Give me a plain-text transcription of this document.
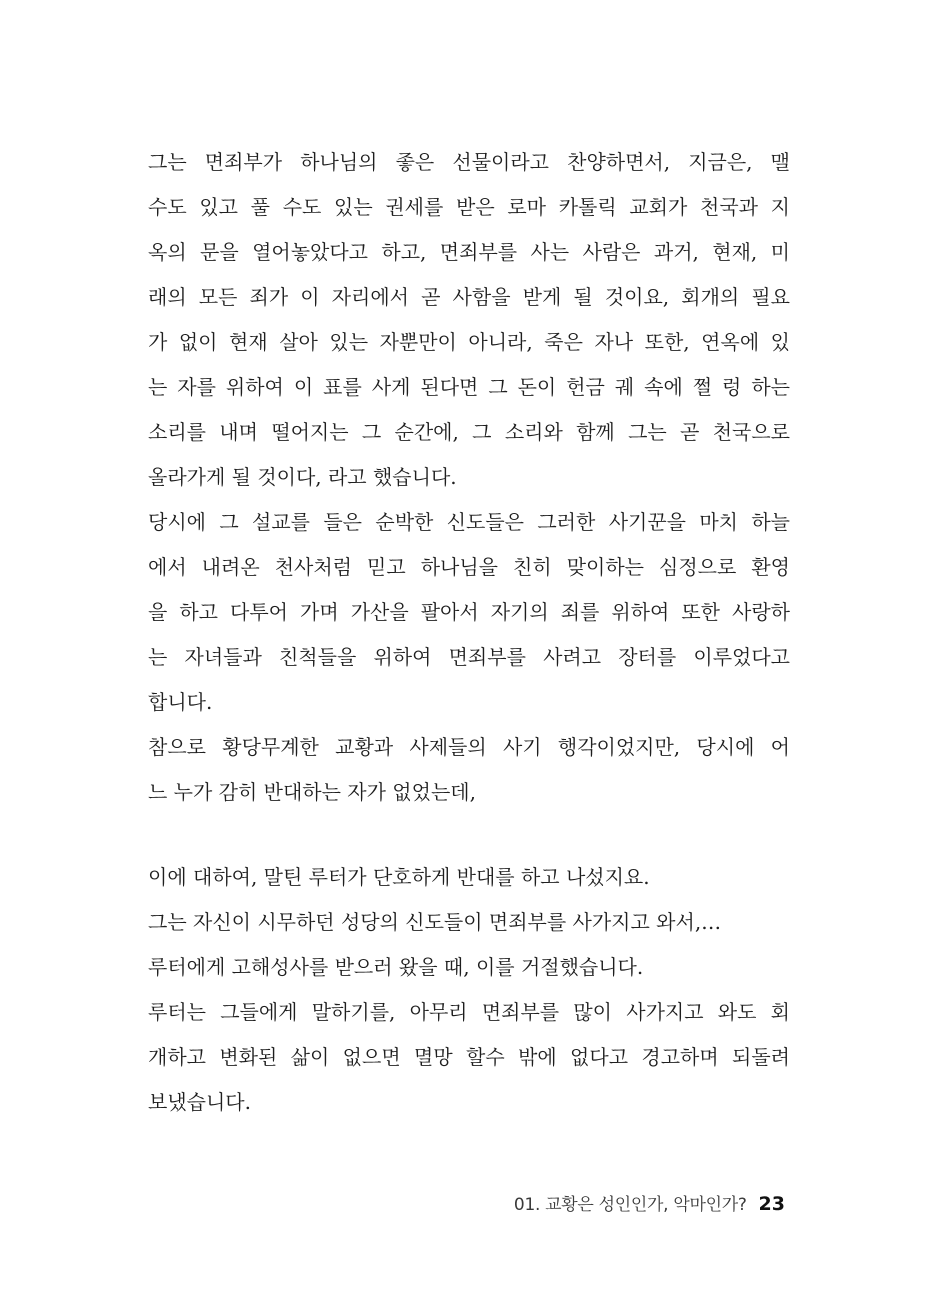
그는 면죄부가 하나님의 좋은 선물이라고 찬양하면서, 지금은, 맬
수도 있고 풀 수도 있는 권세를 받은 로마 카톨릭 교회가 천국과 지
옥의 문을 열어놓았다고 하고, 면죄부를 사는 사람은 과거, 현재, 미
래의 모든 죄가 이 자리에서 곧 사함을 받게 될 것이요, 회개의 필요
가 없이 현재 살아 있는 자뿐만이 아니라, 죽은 자나 또한, 연옥에 있
는 자를 위하여 이 표를 사게 된다면 그 돈이 헌금 궤 속에 쩔 렁 하는
소리를 내며 떨어지는 그 순간에, 그 소리와 함께 그는 곧 천국으로
올라가게 될 것이다, 라고 했습니다.
당시에 그 설교를 들은 순박한 신도들은 그러한 사기꾼을 마치 하늘
에서 내려온 천사처럼 믿고 하나님을 친히 맞이하는 심정으로 환영
을 하고 다투어 가며 가산을 팔아서 자기의 죄를 위하여 또한 사랑하
는 자녀들과 친척들을 위하여 면죄부를 사려고 장터를 이루었다고
합니다.
참으로 황당무계한 교황과 사제들의 사기 행각이었지만, 당시에 어
느 누가 감히 반대하는 자가 없었는데,
이에 대하여, 말틴 루터가 단호하게 반대를 하고 나섰지요.
그는 자신이 시무하던 성당의 신도들이 면죄부를 사가지고 와서,…
루터에게 고해성사를 받으러 왔을 때, 이를 거절했습니다.
루터는 그들에게 말하기를, 아무리 면죄부를 많이 사가지고 와도 회
개하고 변화된 삶이 없으면 멸망 할수 밖에 없다고 경고하며 되돌려
보냈습니다.
01. 교황은 성인인가, 악마인가? 23
